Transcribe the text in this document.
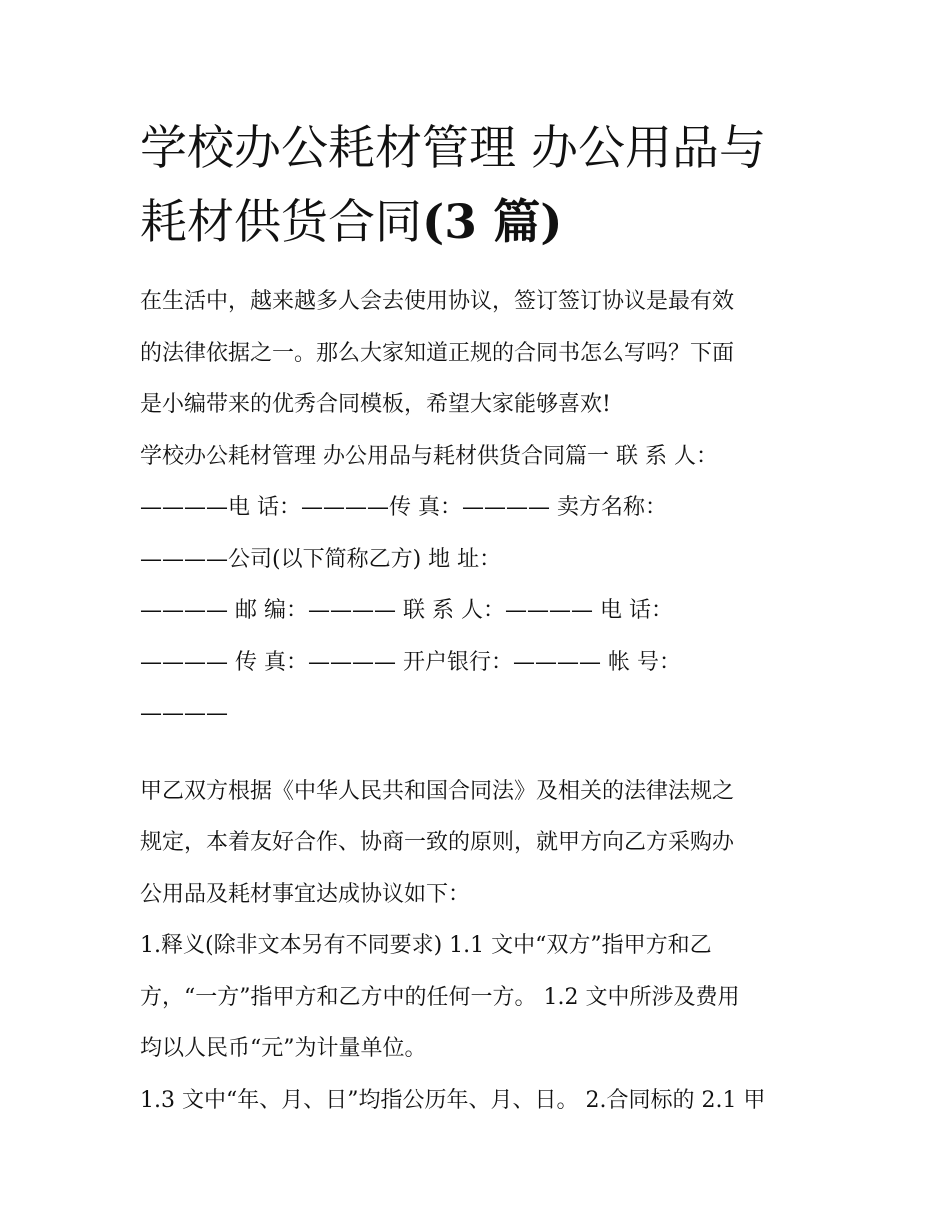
学校办公耗材管理 办公用品与
耗材供货合同(3 篇)
在生活中，越来越多人会去使用协议，签订签订协议是最有效
的法律依据之一。那么大家知道正规的合同书怎么写吗？下面
是小编带来的优秀合同模板，希望大家能够喜欢!
学校办公耗材管理 办公用品与耗材供货合同篇一 联 系 人：
————电 话：————传 真：———— 卖方名称：
————公司(以下简称乙方) 地 址：
———— 邮 编：———— 联 系 人：———— 电 话：
———— 传 真：———— 开户银行：———— 帐 号：
————
甲乙双方根据《中华人民共和国合同法》及相关的法律法规之
规定，本着友好合作、协商一致的原则，就甲方向乙方采购办
公用品及耗材事宜达成协议如下：
1.释义(除非文本另有不同要求) 1.1 文中“双方”指甲方和乙
方，“一方”指甲方和乙方中的任何一方。 1.2 文中所涉及费用
均以人民币“元”为计量单位。
1.3 文中“年、月、日”均指公历年、月、日。 2.合同标的 2.1 甲
